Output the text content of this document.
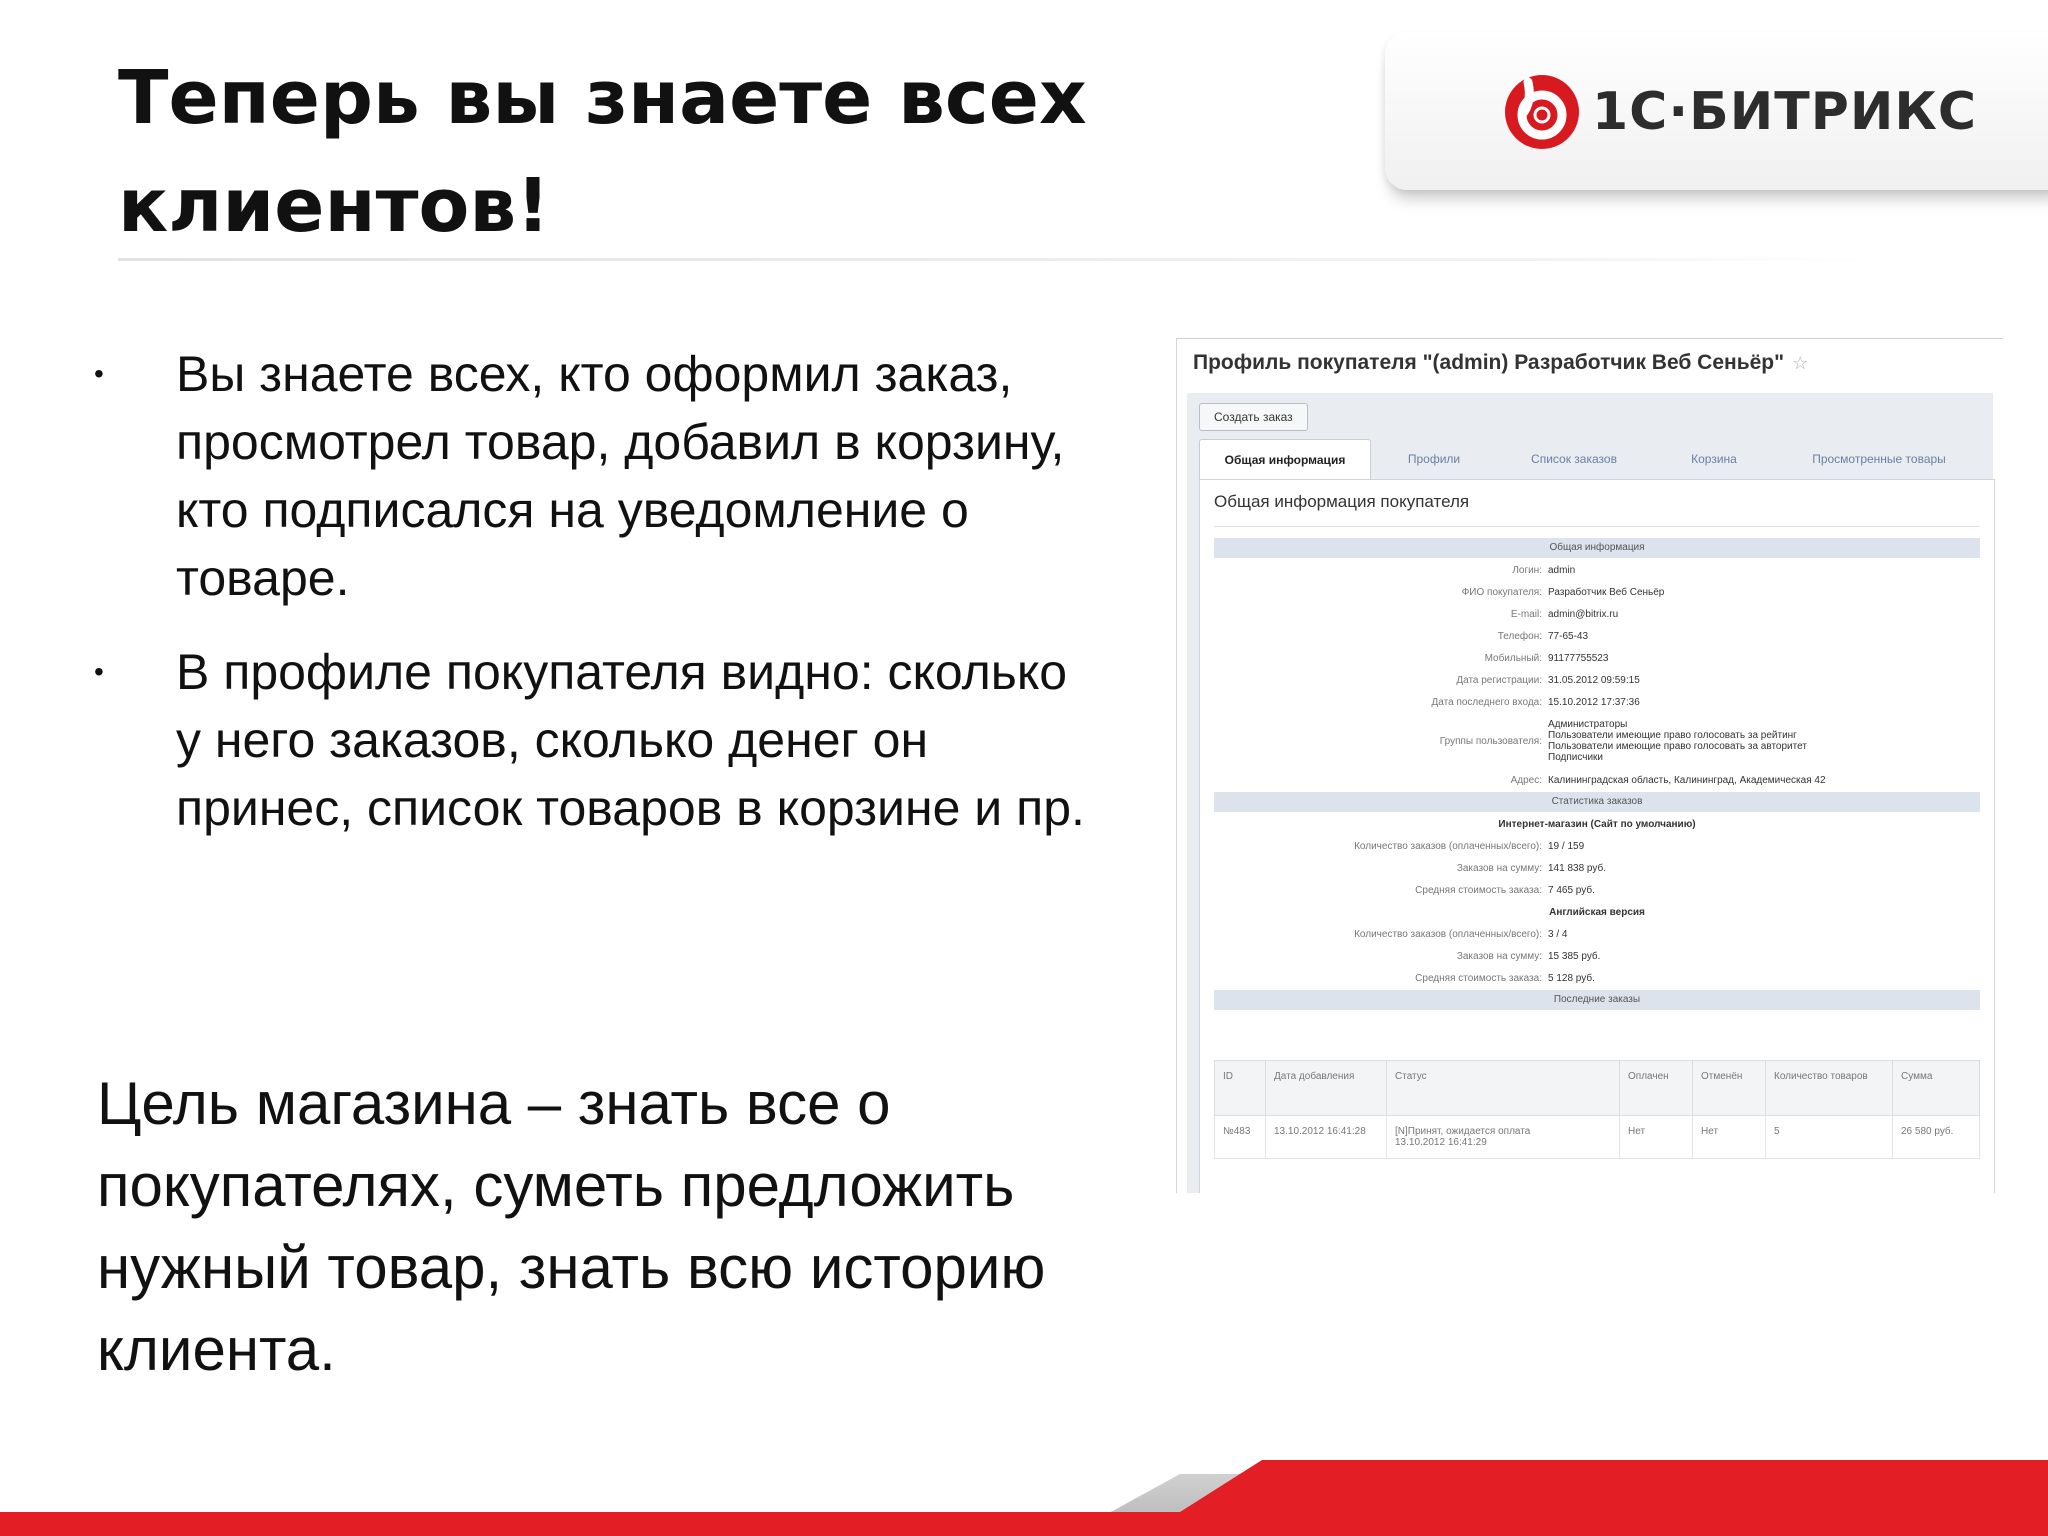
Теперь вы знаете всех клиентов!
1С·БИТРИКС
• Вы знаете всех, кто оформил заказ, просмотрел товар, добавил в корзину, кто подписался на уведомление о товаре.
• В профиле покупателя видно: сколько у него заказов, сколько денег он принес, список товаров в корзине и пр.

Цель магазина – знать все о покупателях, суметь предложить нужный товар, знать всю историю клиента.

Профиль покупателя "(admin) Разработчик Веб Сеньёр" ☆
Создать заказ
Общая информация	Профили	Список заказов	Корзина	Просмотренные товары
Общая информация покупателя
Общая информация
Логин: admin
ФИО покупателя: Разработчик Веб Сеньёр
E-mail: admin@bitrix.ru
Телефон: 77-65-43
Мобильный: 91177755523
Дата регистрации: 31.05.2012 09:59:15
Дата последнего входа: 15.10.2012 17:37:36
Группы пользователя:
Администраторы
Пользователи имеющие право голосовать за рейтинг
Пользователи имеющие право голосовать за авторитет
Подписчики
Адрес: Калининградская область, Калининград, Академическая 42
Статистика заказов
Интернет-магазин (Сайт по умолчанию)
Количество заказов (оплаченных/всего): 19 / 159
Заказов на сумму: 141 838 руб.
Средняя стоимость заказа: 7 465 руб.
Английская версия
Количество заказов (оплаченных/всего): 3 / 4
Заказов на сумму: 15 385 руб.
Средняя стоимость заказа: 5 128 руб.
Последние заказы
ID	Дата добавления	Статус	Оплачен	Отменён	Количество товаров	Сумма
№483	13.10.2012 16:41:28	[N]Принят, ожидается оплата
13.10.2012 16:41:29	Нет	Нет	5	26 580 руб.
